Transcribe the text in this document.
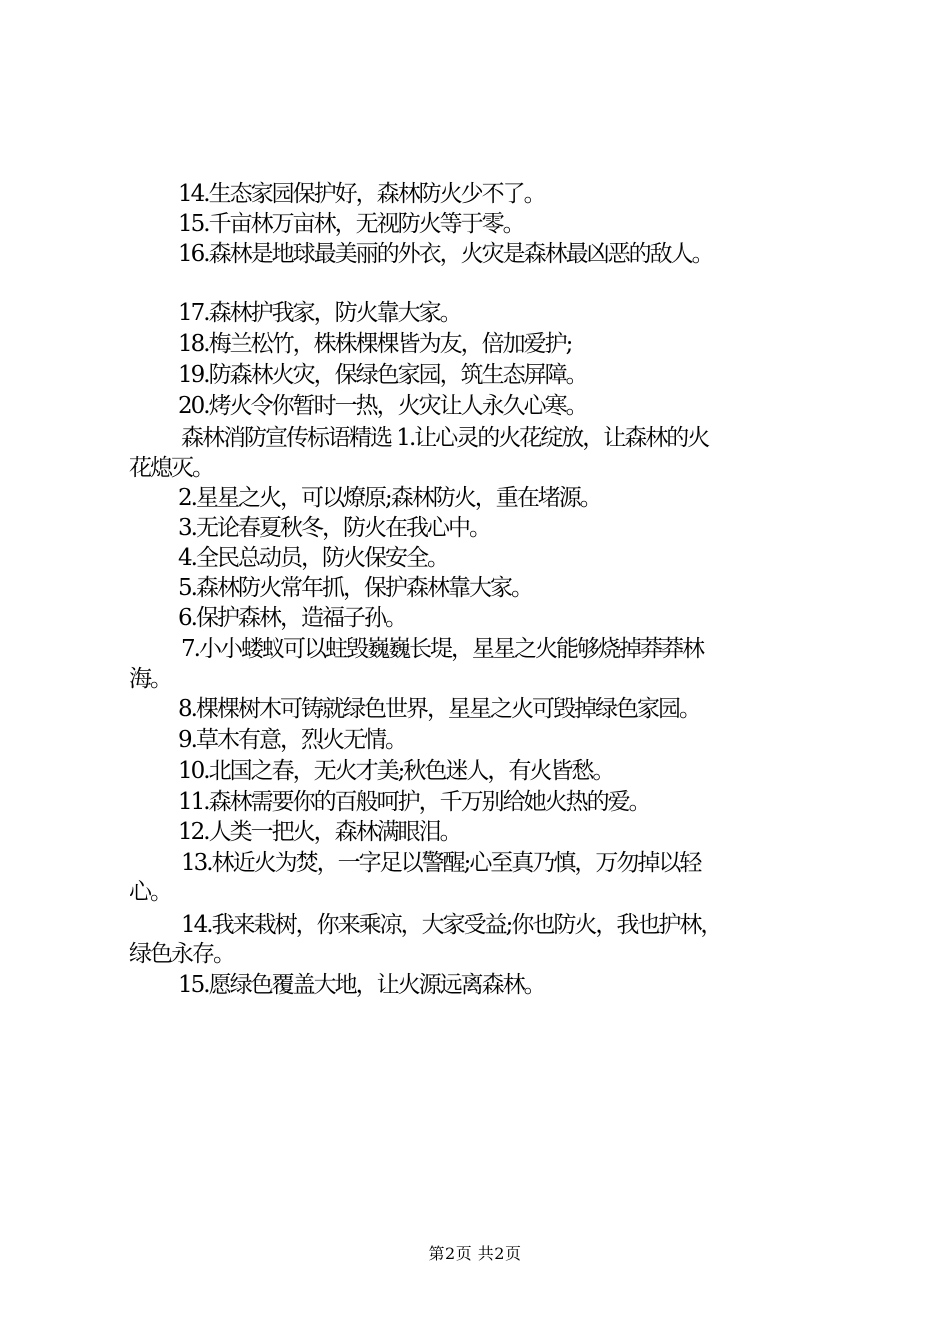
14.生态家园保护好，森林防火少不了。
15.千亩林万亩林，无视防火等于零。
16.森林是地球最美丽的外衣，火灾是森林最凶恶的敌人。
17.森林护我家，防火靠大家。
18.梅兰松竹，株株棵棵皆为友，倍加爱护;
19.防森林火灾，保绿色家园，筑生态屏障。
20.烤火令你暂时一热，火灾让人永久心寒。
森林消防宣传标语精选 1.让心灵的火花绽放，让森林的火
花熄灭。
2.星星之火，可以燎原;森林防火，重在堵源。
3.无论春夏秋冬，防火在我心中。
4.全民总动员，防火保安全。
5.森林防火常年抓，保护森林靠大家。
6.保护森林，造福子孙。
7.小小蝼蚁可以蛀毁巍巍长堤，星星之火能够烧掉莽莽林
海。
8.棵棵树木可铸就绿色世界，星星之火可毁掉绿色家园。
9.草木有意，烈火无情。
10.北国之春，无火才美;秋色迷人，有火皆愁。
11.森林需要你的百般呵护，千万别给她火热的爱。
12.人类一把火，森林满眼泪。
13.林近火为焚，一字足以警醒;心至真乃慎，万勿掉以轻
心。
14.我来栽树，你来乘凉，大家受益;你也防火，我也护林，
绿色永存。
15.愿绿色覆盖大地，让火源远离森林。
第2页 共2页
